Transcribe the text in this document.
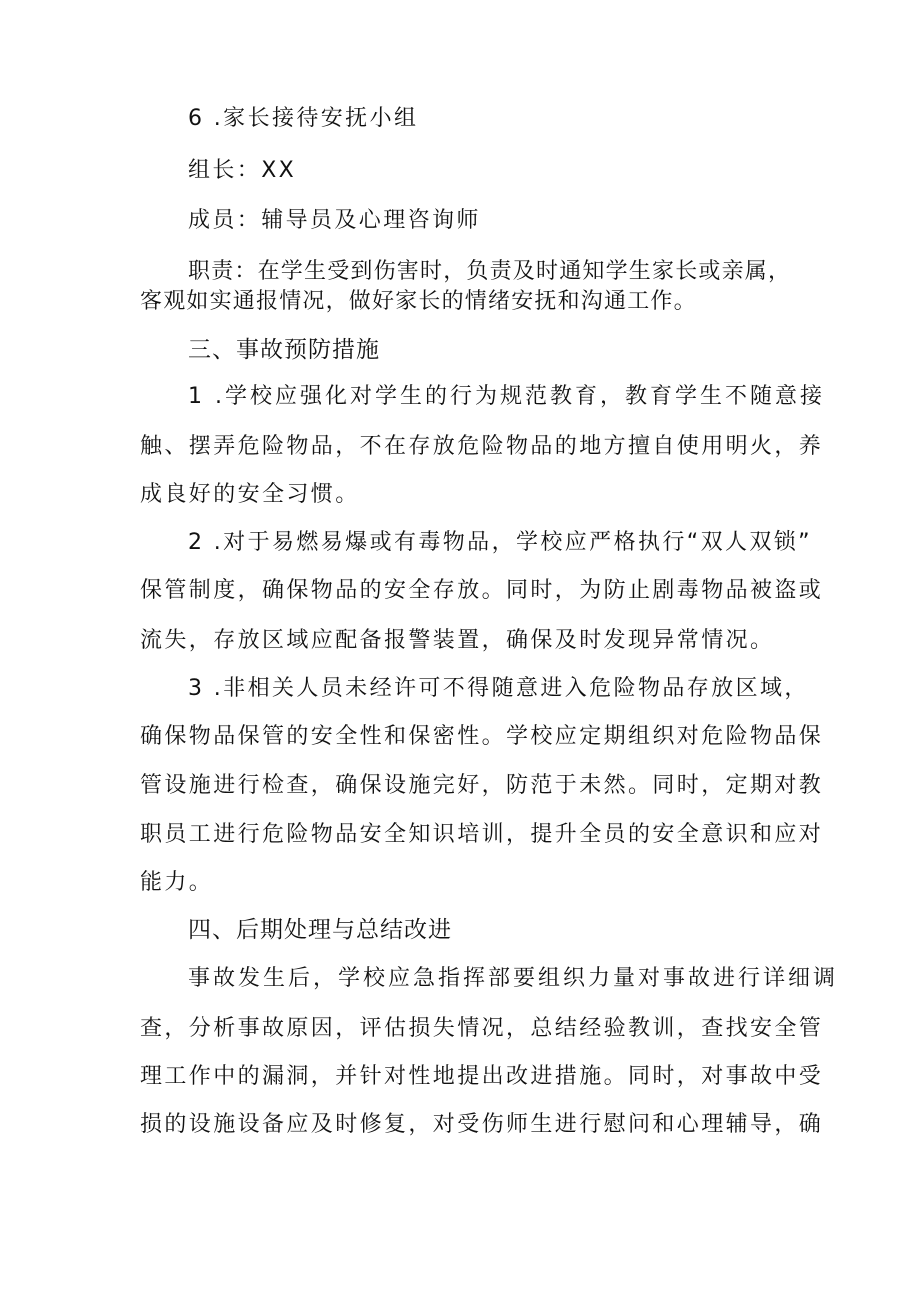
6 .家长接待安抚小组
组长：XX
成员：辅导员及心理咨询师
职责：在学生受到伤害时，负责及时通知学生家长或亲属，
客观如实通报情况，做好家长的情绪安抚和沟通工作。
三、事故预防措施
1 .学校应强化对学生的行为规范教育，教育学生不随意接
触、摆弄危险物品，不在存放危险物品的地方擅自使用明火，养
成良好的安全习惯。
2 .对于易燃易爆或有毒物品，学校应严格执行“双人双锁”
保管制度，确保物品的安全存放。同时，为防止剧毒物品被盗或
流失，存放区域应配备报警装置，确保及时发现异常情况。
3 .非相关人员未经许可不得随意进入危险物品存放区域，
确保物品保管的安全性和保密性。学校应定期组织对危险物品保
管设施进行检查，确保设施完好，防范于未然。同时，定期对教
职员工进行危险物品安全知识培训，提升全员的安全意识和应对
能力。
四、后期处理与总结改进
事故发生后，学校应急指挥部要组织力量对事故进行详细调
查，分析事故原因，评估损失情况，总结经验教训，查找安全管
理工作中的漏洞，并针对性地提出改进措施。同时，对事故中受
损的设施设备应及时修复，对受伤师生进行慰问和心理辅导，确
